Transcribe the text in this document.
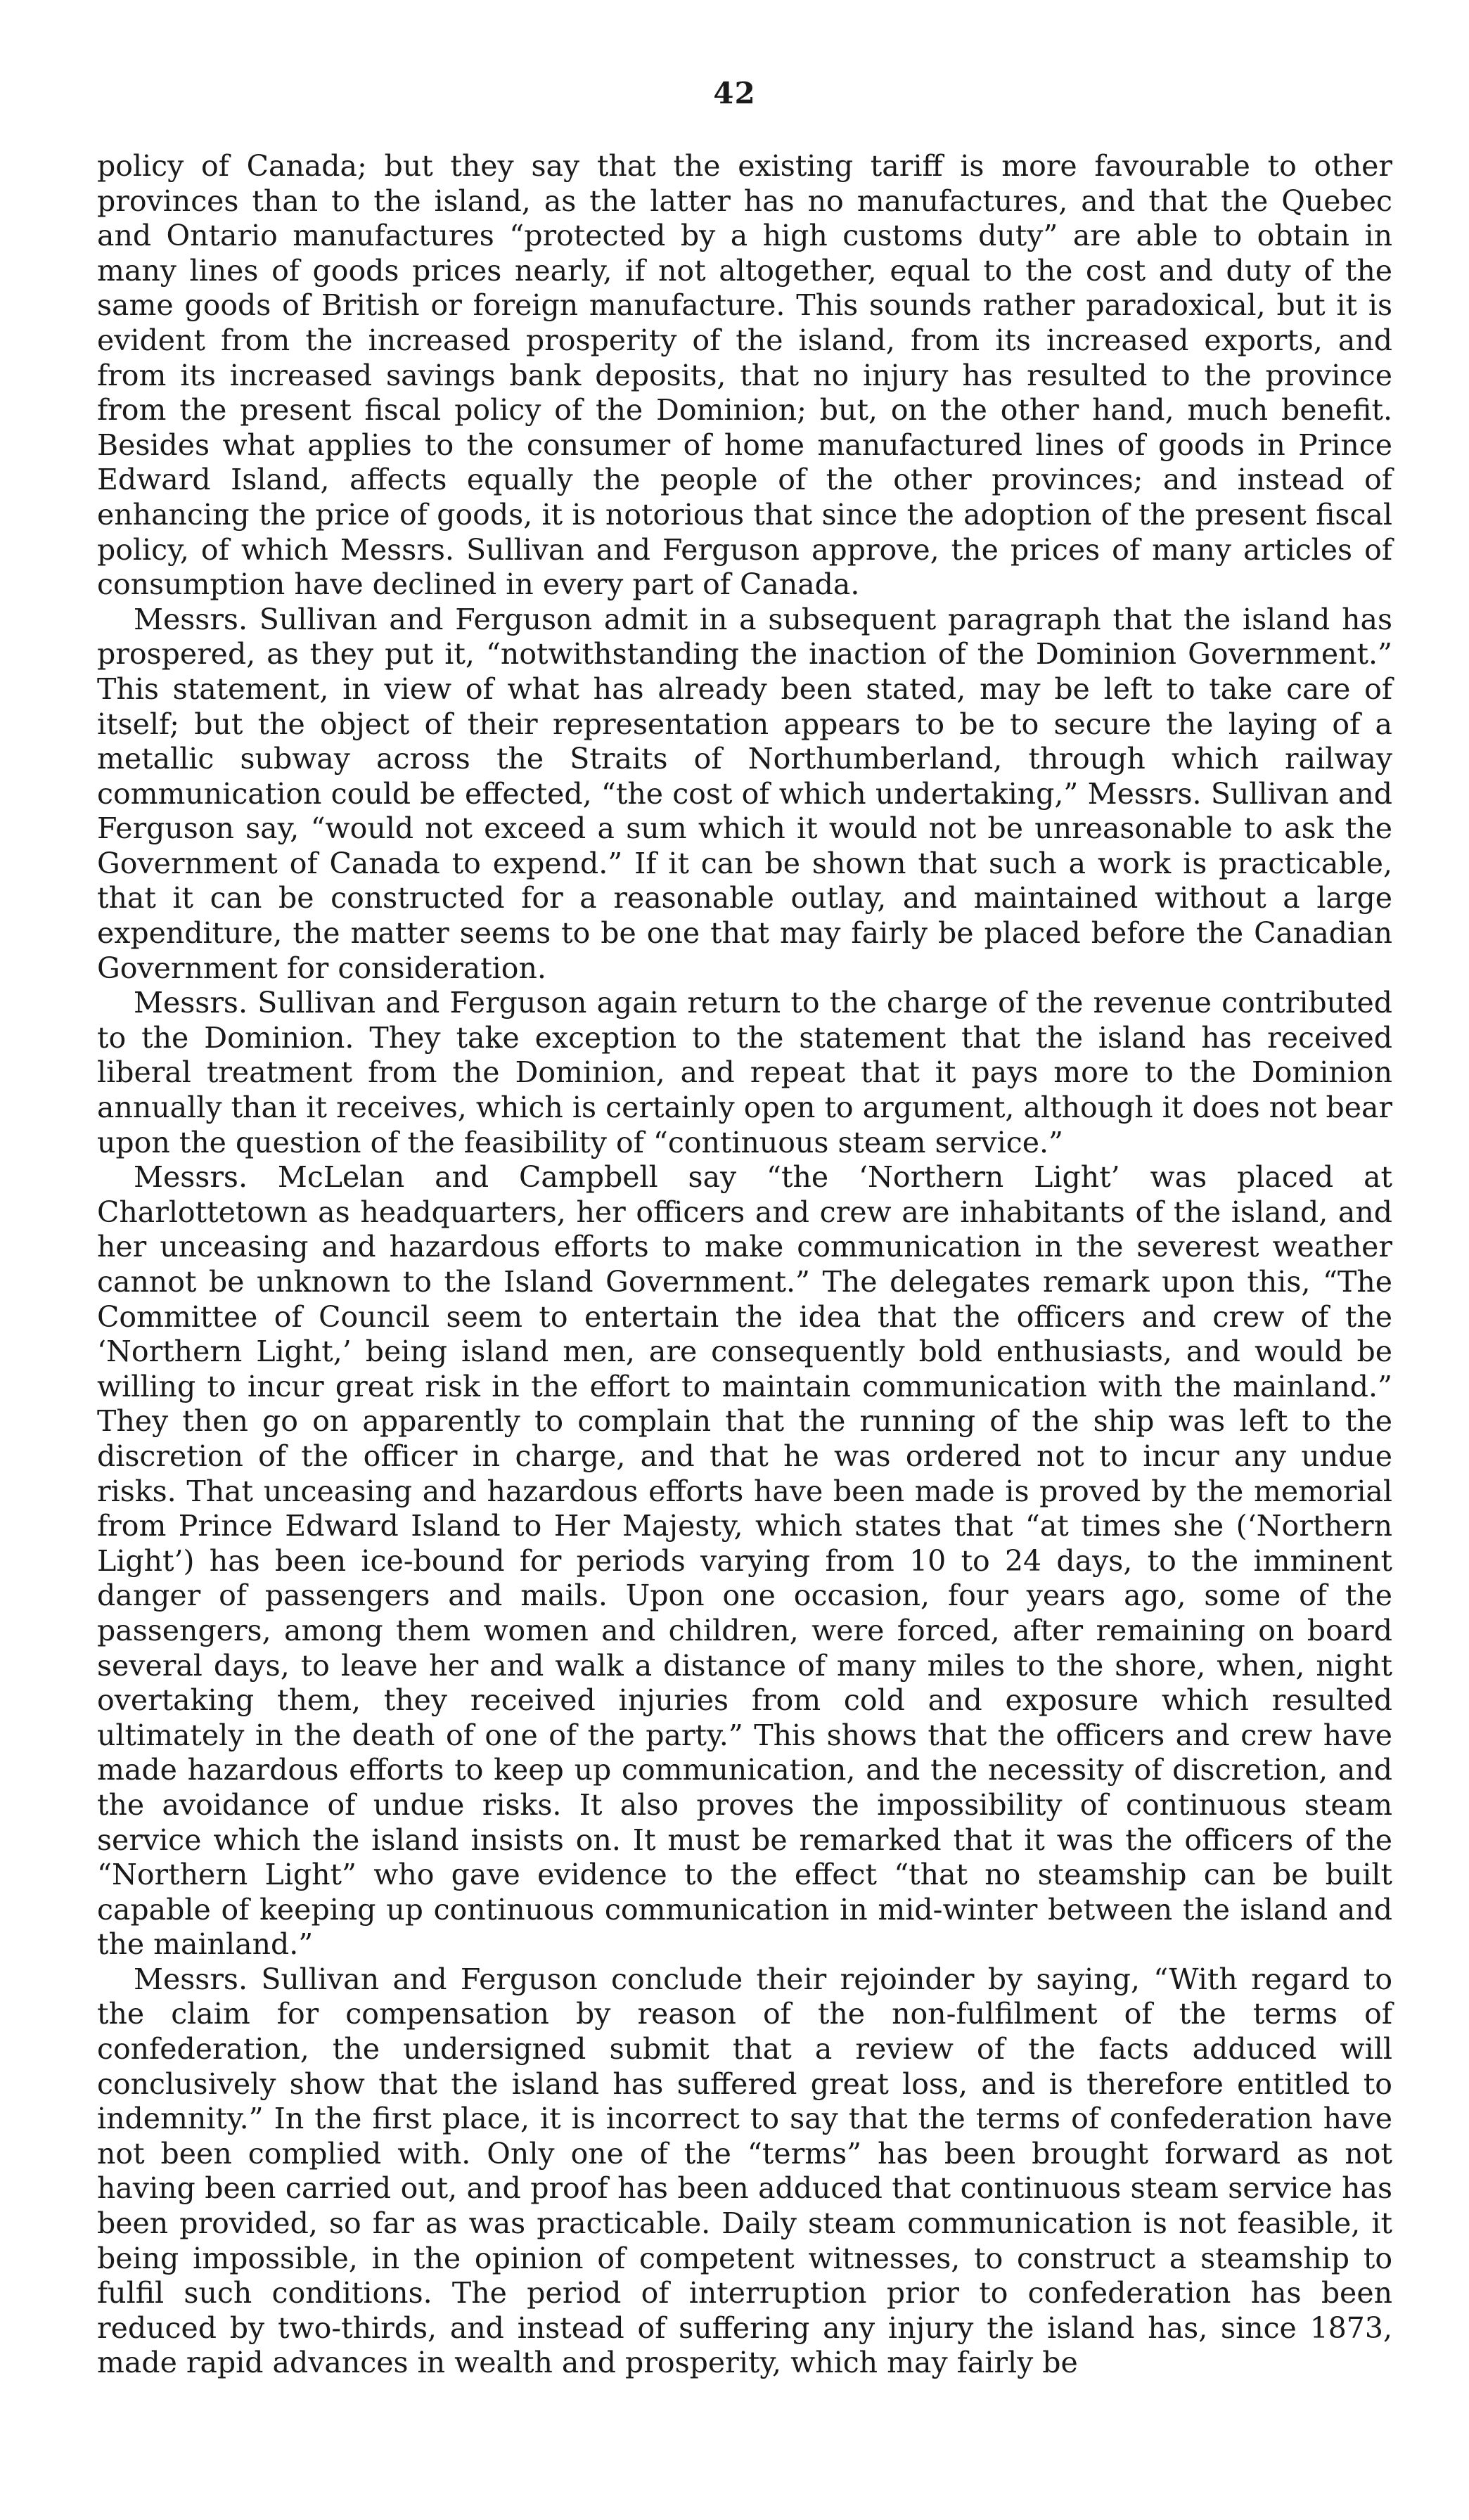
42

policy of Canada; but they say that the existing tariff is more favourable to other provinces than to the island, as the latter has no manufactures, and that the Quebec and Ontario manufactures “protected by a high customs duty” are able to obtain in many lines of goods prices nearly, if not altogether, equal to the cost and duty of the same goods of British or foreign manufacture. This sounds rather paradoxical, but it is evident from the increased prosperity of the island, from its increased exports, and from its increased savings bank deposits, that no injury has resulted to the province from the present fiscal policy of the Dominion; but, on the other hand, much benefit. Besides what applies to the consumer of home manufactured lines of goods in Prince Edward Island, affects equally the people of the other provinces; and instead of enhancing the price of goods, it is notorious that since the adoption of the present fiscal policy, of which Messrs. Sullivan and Ferguson approve, the prices of many articles of consumption have declined in every part of Canada.

Messrs. Sullivan and Ferguson admit in a subsequent paragraph that the island has prospered, as they put it, “notwithstanding the inaction of the Dominion Government.” This statement, in view of what has already been stated, may be left to take care of itself; but the object of their representation appears to be to secure the laying of a metallic subway across the Straits of Northumberland, through which railway communication could be effected, “the cost of which undertaking,” Messrs. Sullivan and Ferguson say, “would not exceed a sum which it would not be unreasonable to ask the Government of Canada to expend.” If it can be shown that such a work is practicable, that it can be constructed for a reasonable outlay, and maintained without a large expenditure, the matter seems to be one that may fairly be placed before the Canadian Government for consideration.

Messrs. Sullivan and Ferguson again return to the charge of the revenue contributed to the Dominion. They take exception to the statement that the island has received liberal treatment from the Dominion, and repeat that it pays more to the Dominion annually than it receives, which is certainly open to argument, although it does not bear upon the question of the feasibility of “continuous steam service.”

Messrs. McLelan and Campbell say “the ‘Northern Light’ was placed at Charlottetown as headquarters, her officers and crew are inhabitants of the island, and her unceasing and hazardous efforts to make communication in the severest weather cannot be unknown to the Island Government.” The delegates remark upon this, “The Committee of Council seem to entertain the idea that the officers and crew of the ‘Northern Light,’ being island men, are consequently bold enthusiasts, and would be willing to incur great risk in the effort to maintain communication with the mainland.” They then go on apparently to complain that the running of the ship was left to the discretion of the officer in charge, and that he was ordered not to incur any undue risks. That unceasing and hazardous efforts have been made is proved by the memorial from Prince Edward Island to Her Majesty, which states that “at times she (‘Northern Light’) has been ice-bound for periods varying from 10 to 24 days, to the imminent danger of passengers and mails. Upon one occasion, four years ago, some of the passengers, among them women and children, were forced, after remaining on board several days, to leave her and walk a distance of many miles to the shore, when, night overtaking them, they received injuries from cold and exposure which resulted ultimately in the death of one of the party.” This shows that the officers and crew have made hazardous efforts to keep up communication, and the necessity of discretion, and the avoidance of undue risks. It also proves the impossibility of continuous steam service which the island insists on. It must be remarked that it was the officers of the “Northern Light” who gave evidence to the effect “that no steamship can be built capable of keeping up continuous communication in mid-winter between the island and the mainland.”

Messrs. Sullivan and Ferguson conclude their rejoinder by saying, “With regard to the claim for compensation by reason of the non-fulfilment of the terms of confederation, the undersigned submit that a review of the facts adduced will conclusively show that the island has suffered great loss, and is therefore entitled to indemnity.” In the first place, it is incorrect to say that the terms of confederation have not been complied with. Only one of the “terms” has been brought forward as not having been carried out, and proof has been adduced that continuous steam service has been provided, so far as was practicable. Daily steam communication is not feasible, it being impossible, in the opinion of competent witnesses, to construct a steamship to fulfil such conditions. The period of interruption prior to confederation has been reduced by two-thirds, and instead of suffering any injury the island has, since 1873, made rapid advances in wealth and prosperity, which may fairly be
